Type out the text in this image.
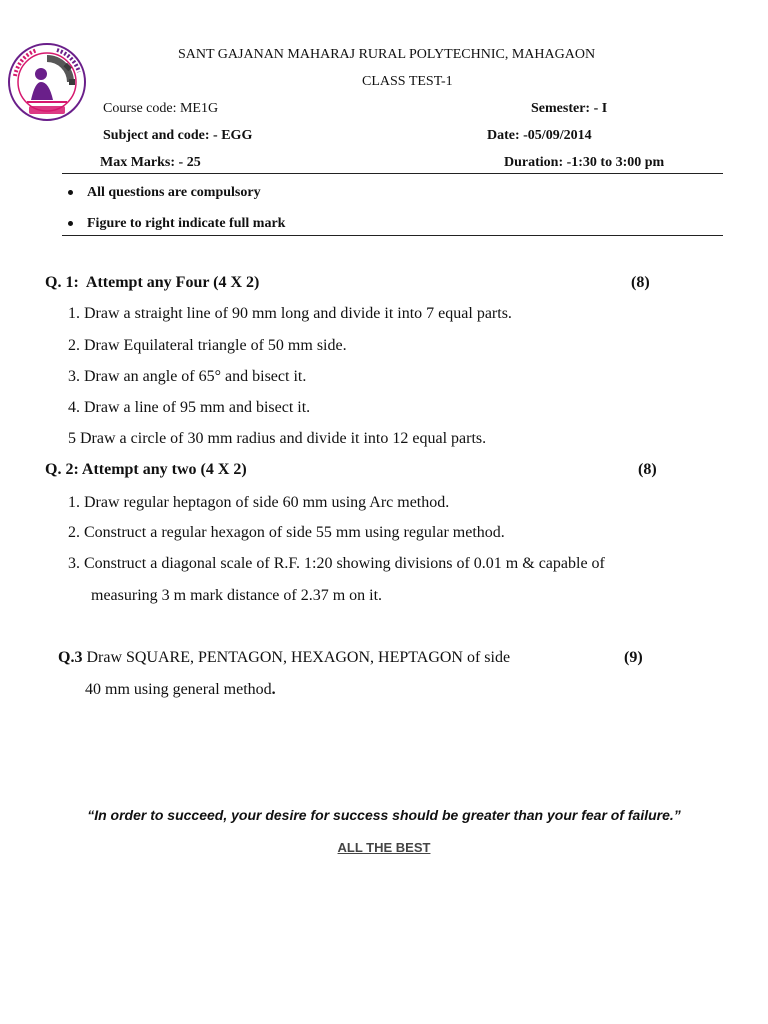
SANT GAJANAN MAHARAJ RURAL POLYTECHNIC, MAHAGAON
CLASS TEST-1
Course code: ME1G	Semester: - I
Subject and code: - EGG	Date: -05/09/2014
Max Marks: - 25	Duration: -1:30 to 3:00 pm
All questions are compulsory
Figure to right indicate full mark
Q. 1: Attempt any Four (4 X 2)	(8)
1. Draw a straight line of 90 mm long and divide it into 7 equal parts.
2. Draw Equilateral triangle of 50 mm side.
3. Draw an angle of 65° and bisect it.
4. Draw a line of 95 mm and bisect it.
5 Draw a circle of 30 mm radius and divide it into 12 equal parts.
Q. 2: Attempt any two (4 X 2)	(8)
1. Draw regular heptagon of side 60 mm using Arc method.
2. Construct a regular hexagon of side 55 mm using regular method.
3. Construct a diagonal scale of R.F. 1:20 showing divisions of 0.01 m & capable of
measuring 3 m mark distance of 2.37 m on it.
Q.3 Draw SQUARE, PENTAGON, HEXAGON, HEPTAGON of side	(9)
40 mm using general method.
“In order to succeed, your desire for success should be greater than your fear of failure.”
ALL THE BEST
